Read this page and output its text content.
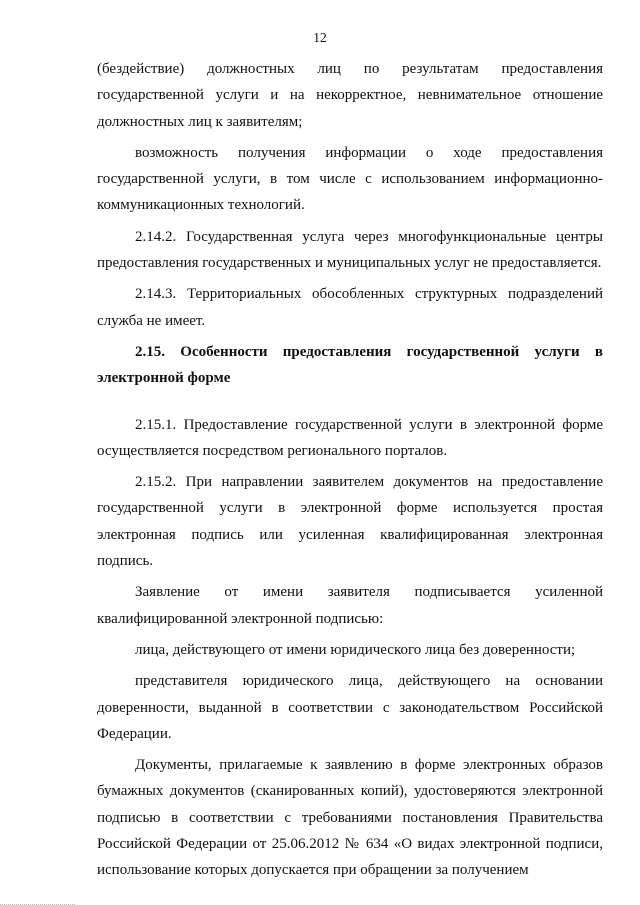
12

(бездействие) должностных лиц по результатам предоставления государственной услуги и на некорректное, невнимательное отношение должностных лиц к заявителям;

возможность получения информации о ходе предоставления государственной услуги, в том числе с использованием информационно-коммуникационных технологий.

2.14.2. Государственная услуга через многофункциональные центры предоставления государственных и муниципальных услуг не предоставляется.

2.14.3. Территориальных обособленных структурных подразделений служба не имеет.

2.15. Особенности предоставления государственной услуги в электронной форме

2.15.1. Предоставление государственной услуги в электронной форме осуществляется посредством регионального порталов.

2.15.2. При направлении заявителем документов на предоставление государственной услуги в электронной форме используется простая электронная подпись или усиленная квалифицированная электронная подпись.

Заявление от имени заявителя подписывается усиленной квалифицированной электронной подписью:

лица, действующего от имени юридического лица без доверенности;

представителя юридического лица, действующего на основании доверенности, выданной в соответствии с законодательством Российской Федерации.

Документы, прилагаемые к заявлению в форме электронных образов бумажных документов (сканированных копий), удостоверяются электронной подписью в соответствии с требованиями постановления Правительства Российской Федерации от 25.06.2012 № 634 «О видах электронной подписи, использование которых допускается при обращении за получением
